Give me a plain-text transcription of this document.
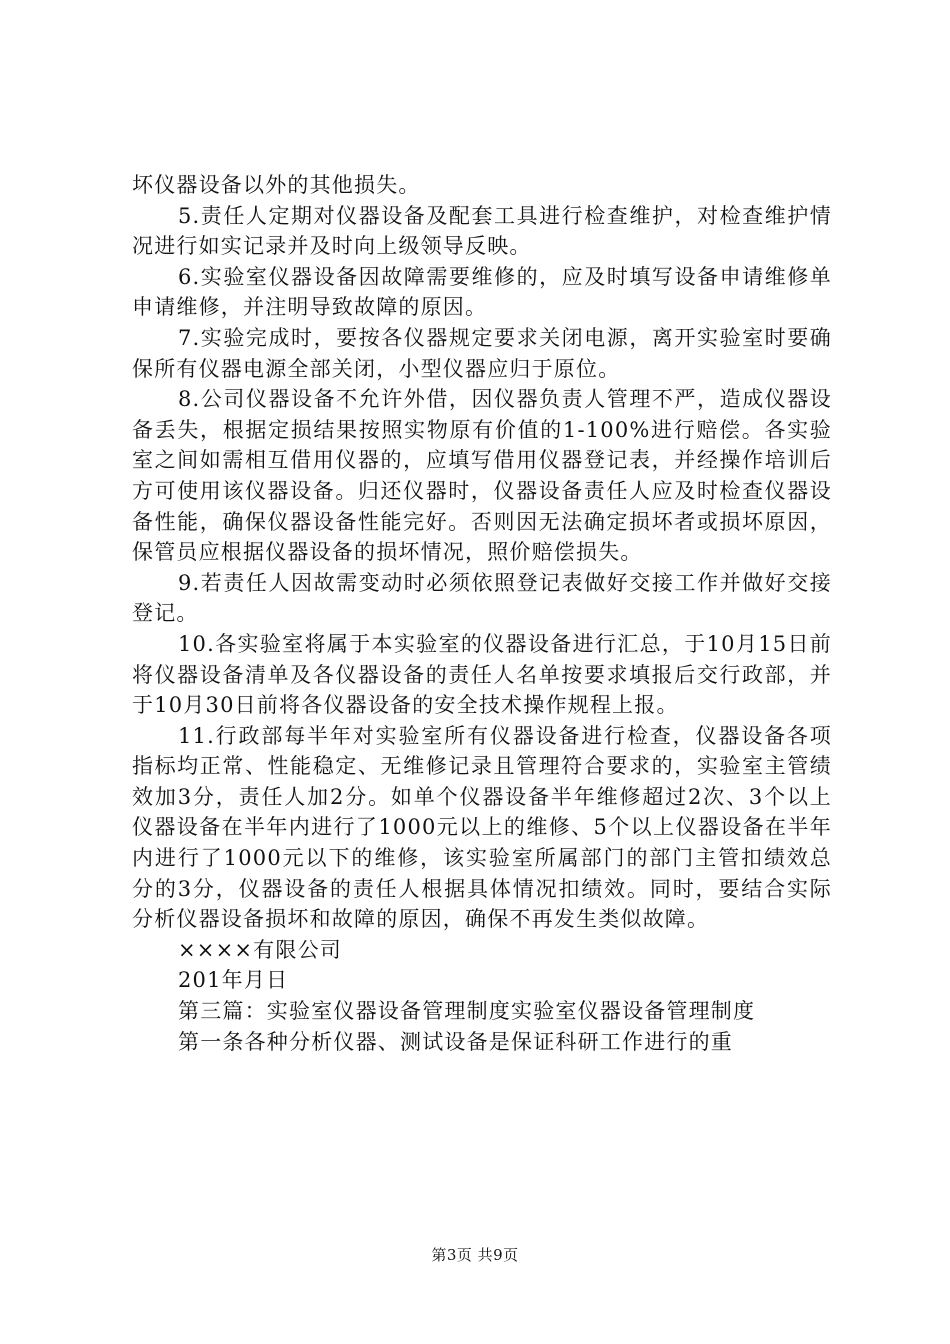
坏仪器设备以外的其他损失。

5.责任人定期对仪器设备及配套工具进行检查维护，对检查维护情况进行如实记录并及时向上级领导反映。

6.实验室仪器设备因故障需要维修的，应及时填写设备申请维修单申请维修，并注明导致故障的原因。

7.实验完成时，要按各仪器规定要求关闭电源，离开实验室时要确保所有仪器电源全部关闭，小型仪器应归于原位。

8.公司仪器设备不允许外借，因仪器负责人管理不严，造成仪器设备丢失，根据定损结果按照实物原有价值的1-100%进行赔偿。各实验室之间如需相互借用仪器的，应填写借用仪器登记表，并经操作培训后方可使用该仪器设备。归还仪器时，仪器设备责任人应及时检查仪器设备性能，确保仪器设备性能完好。否则因无法确定损坏者或损坏原因，保管员应根据仪器设备的损坏情况，照价赔偿损失。

9.若责任人因故需变动时必须依照登记表做好交接工作并做好交接登记。

10.各实验室将属于本实验室的仪器设备进行汇总，于10月15日前将仪器设备清单及各仪器设备的责任人名单按要求填报后交行政部，并于10月30日前将各仪器设备的安全技术操作规程上报。

11.行政部每半年对实验室所有仪器设备进行检查，仪器设备各项指标均正常、性能稳定、无维修记录且管理符合要求的，实验室主管绩效加3分，责任人加2分。如单个仪器设备半年维修超过2次、3个以上仪器设备在半年内进行了1000元以上的维修、5个以上仪器设备在半年内进行了1000元以下的维修，该实验室所属部门的部门主管扣绩效总分的3分，仪器设备的责任人根据具体情况扣绩效。同时，要结合实际分析仪器设备损坏和故障的原因，确保不再发生类似故障。

××××有限公司

201年月日

第三篇：实验室仪器设备管理制度实验室仪器设备管理制度

第一条各种分析仪器、测试设备是保证科研工作进行的重

第3页 共9页
